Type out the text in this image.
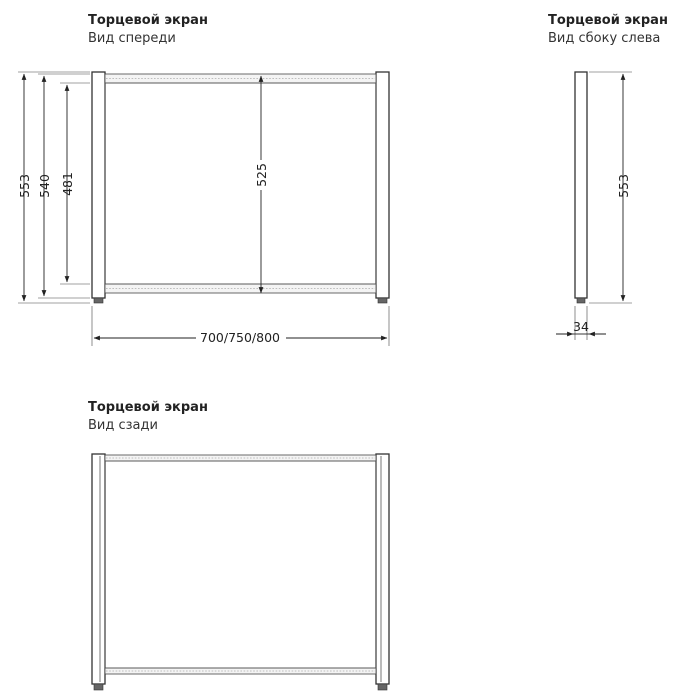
Торцевой экран
Вид спереди
553 540 481	525
700/750/800
Торцевой экран
Вид сбоку слева
553
34
Торцевой экран
Вид сзади
